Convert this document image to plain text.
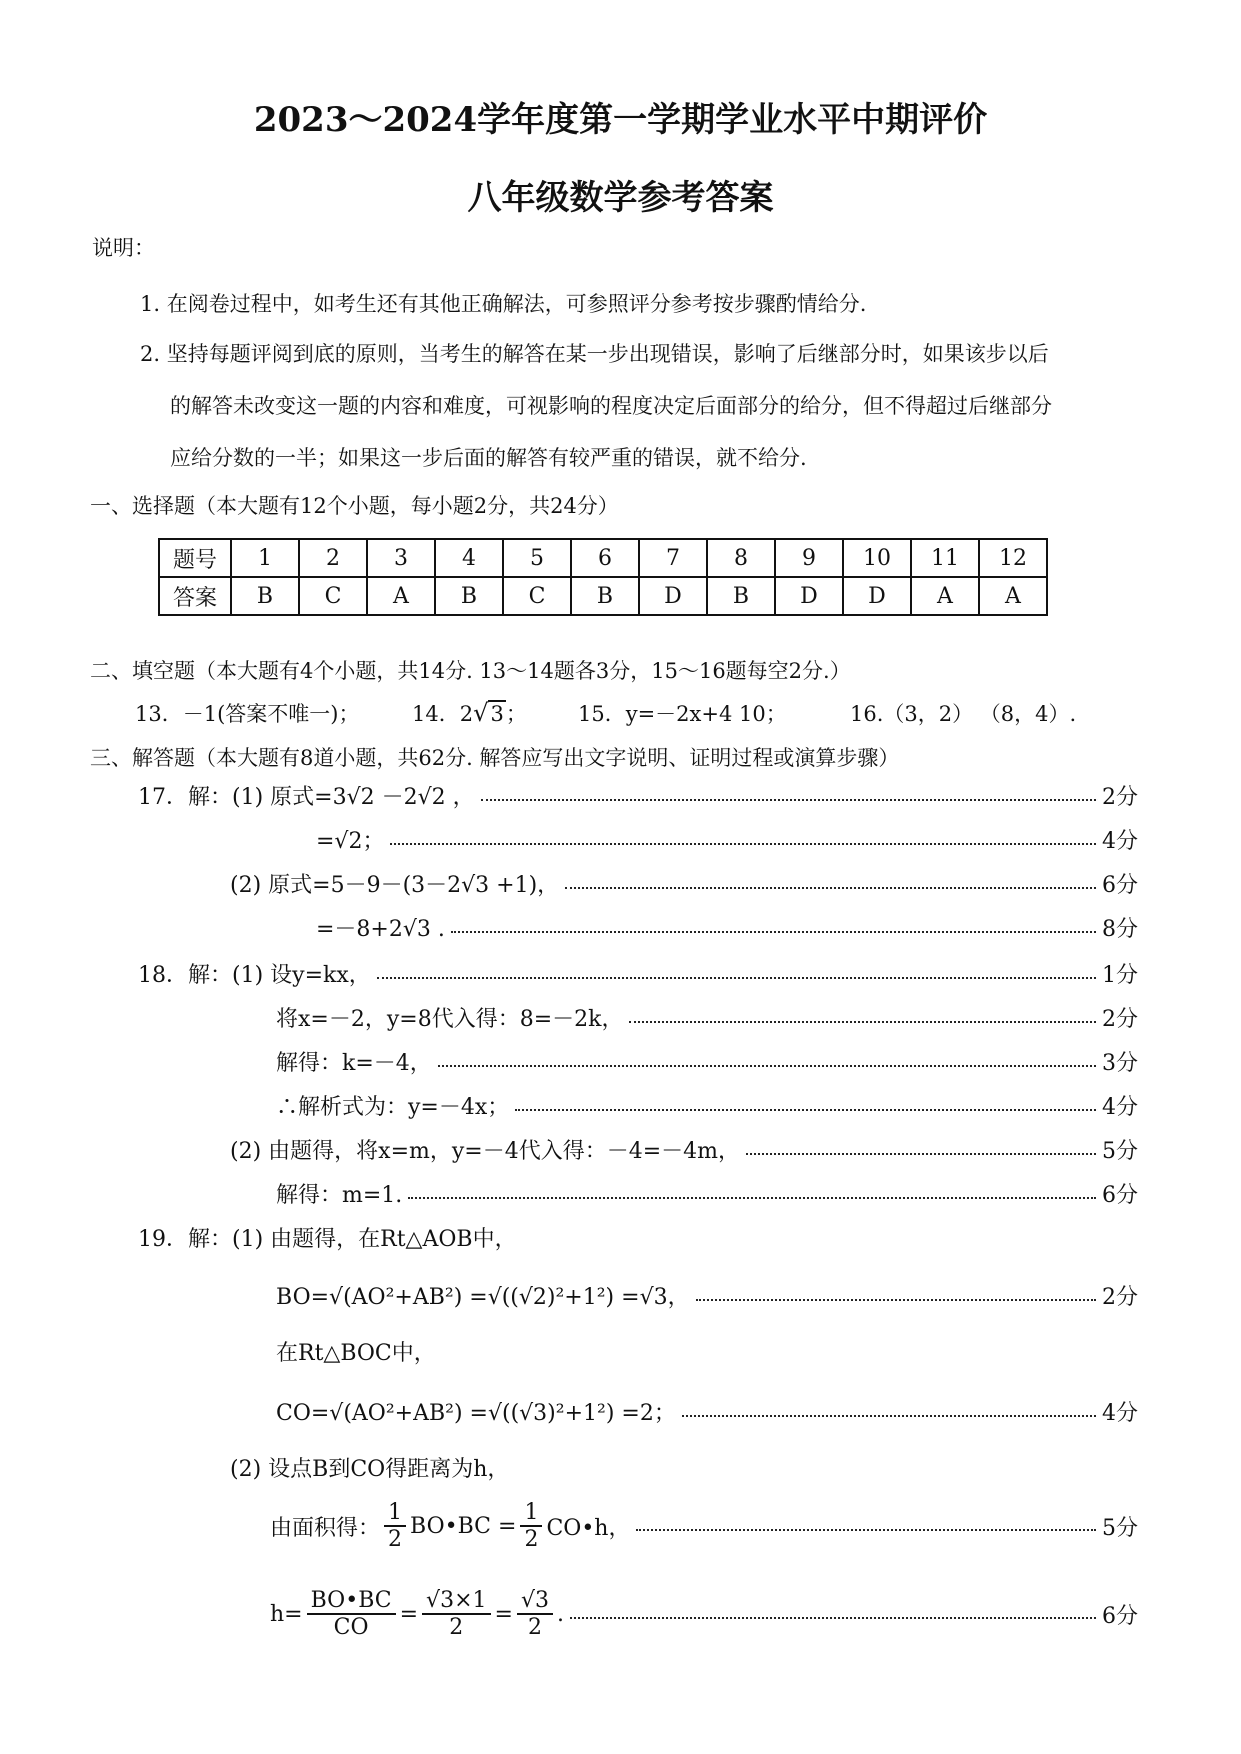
2023～2024学年度第一学期学业水平中期评价
八年级数学参考答案
说明：
1. 在阅卷过程中，如考生还有其他正确解法，可参照评分参考按步骤酌情给分.
2. 坚持每题评阅到底的原则，当考生的解答在某一步出现错误，影响了后继部分时，如果该步以后
的解答未改变这一题的内容和难度，可视影响的程度决定后面部分的给分，但不得超过后继部分
应给分数的一半；如果这一步后面的解答有较严重的错误，就不给分.
一、选择题（本大题有12个小题，每小题2分，共24分）
题号	1	2	3	4	5	6	7	8	9	10	11	12
答案	B	C	A	B	C	B	D	B	D	D	A	A
二、填空题（本大题有4个小题，共14分. 13～14题各3分，15～16题每空2分.）
13．－1(答案不唯一)；	14．2√3； 15．y=－2x+4 10；	16.（3，2） （8，4）.
三、解答题（本大题有8道小题，共62分. 解答应写出文字说明、证明过程或演算步骤）
17．解：(1) 原式=3√2 －2√2 ，	2分
=√2；	4分
(2) 原式=5－9－(3－2√3 +1)，	6分
=－8+2√3 .	8分
18．解：(1) 设y=kx，	1分
将x=－2，y=8代入得：8=－2k，	2分
解得：k=－4，	3分
∴解析式为：y=－4x；	4分
(2) 由题得，将x=m，y=－4代入得：－4=－4m，	5分
解得：m=1.	6分
19．解：(1) 由题得，在Rt△AOB中，
BO=√(AO²+AB²) =√((√2)²+1²) =√3，	2分
在Rt△BOC中，
CO=√(AO²+AB²) =√((√3)²+1²) =2；	4分
(2) 设点B到CO得距离为h，
由面积得： $\frac{1}{2}$ BO•BC = $\frac{1}{2}$ CO•h，	5分
$h= \frac{BO•BC}{CO} = \frac{√3\times 1}{2} = \frac{√3}{2}$ .	6分
